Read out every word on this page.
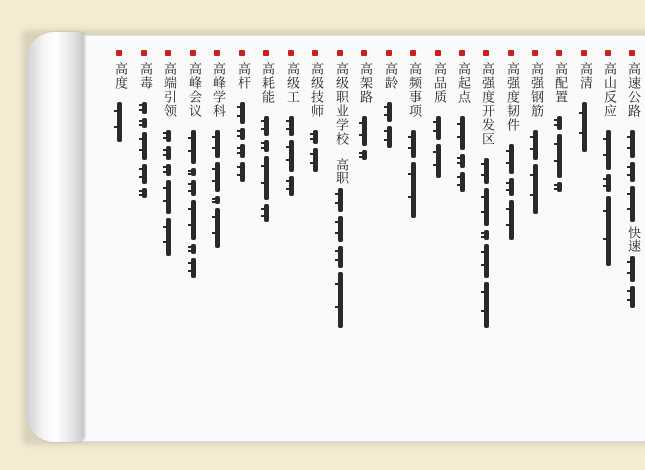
高速公路
快速
高山反应
高配置 高清
高强钢筋
高强度韧件
高强度开发区
高起点
高品质
高频事项
高龄
高架路
高级职业学校
高职
高级技师
高级工
高耗能
高杆
高峰学科
高峰会议
高端引领
高毒
高度
